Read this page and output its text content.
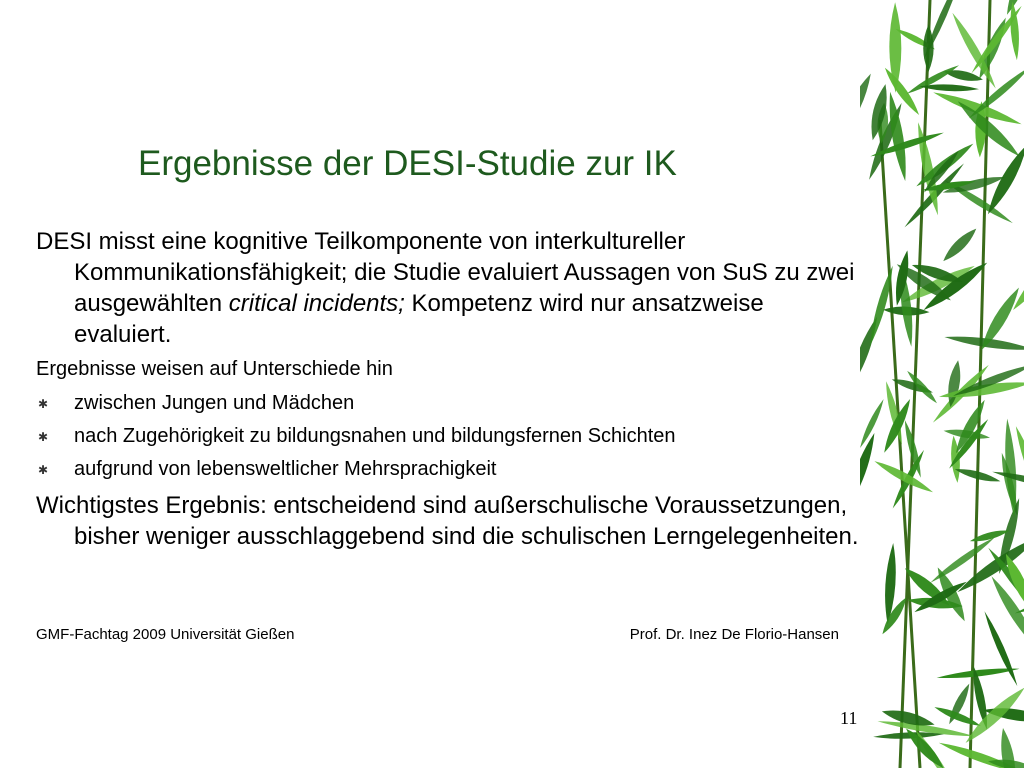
Ergebnisse der DESI-Studie zur IK

DESI misst eine kognitive Teilkomponente von interkultureller Kommunikationsfähigkeit; die Studie evaluiert Aussagen von SuS zu zwei ausgewählten critical incidents; Kompetenz wird nur ansatzweise evaluiert.

Ergebnisse weisen auf Unterschiede hin

✱ zwischen Jungen und Mädchen
✱ nach Zugehörigkeit zu bildungsnahen und bildungsfernen Schichten
✱ aufgrund von lebensweltlicher Mehrsprachigkeit

Wichtigstes Ergebnis: entscheidend sind außerschulische Voraussetzungen, bisher weniger ausschlaggebend sind die schulischen Lerngelegenheiten.

GMF-Fachtag 2009 Universität Gießen	Prof. Dr. Inez De Florio-Hansen
11
